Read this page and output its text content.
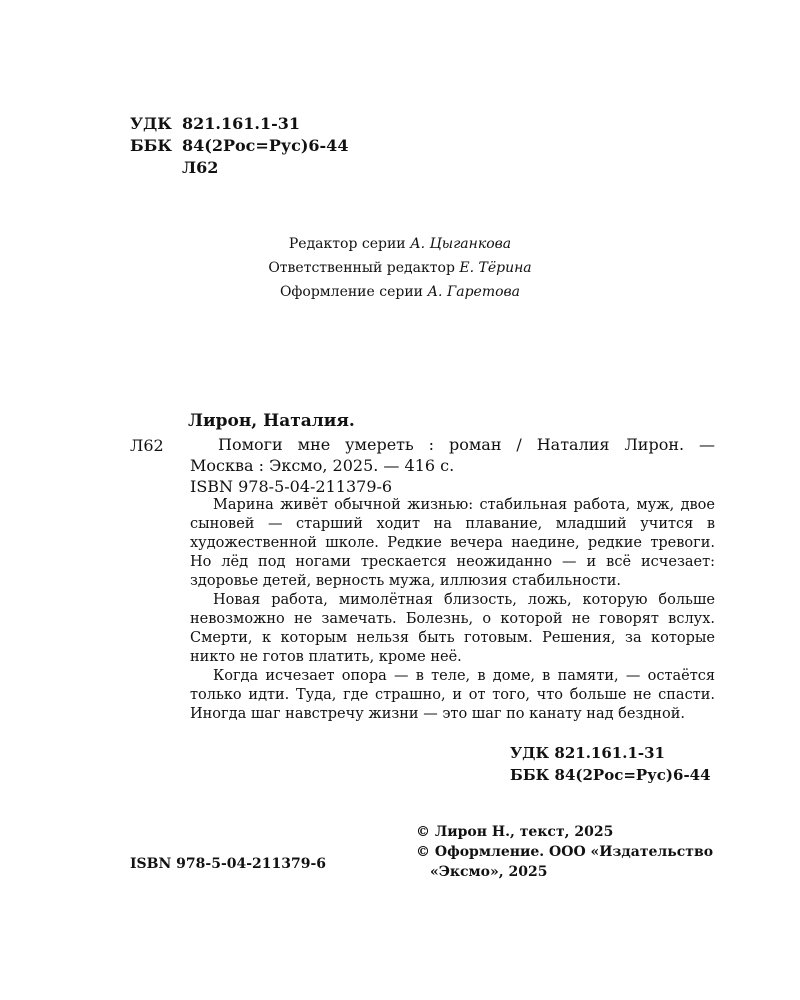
УДК 821.161.1-31
ББК 84(2Рос=Рус)6-44
Л62
Редактор серии А. Цыганкова
Ответственный редактор Е. Тёрина
Оформление серии А. Гаретова
Лирон, Наталия.
Л62	Помоги мне умереть : роман / Наталия Лирон. —

Москва : Эксмо, 2025. — 416 с.
ISBN 978-5-04-211379-6

Марина живёт обычной жизнью: стабильная работа, муж, двое сыновей — старший ходит на плавание, младший учится в художественной школе. Редкие вечера наедине, редкие тревоги. Но лёд под ногами трескается неожиданно — и всё исчезает: здоровье детей, верность мужа, иллюзия стабильности.

Новая работа, мимолётная близость, ложь, которую больше невозможно не замечать. Болезнь, о которой не говорят вслух. Смерти, к которым нельзя быть готовым. Решения, за которые никто не готов платить, кроме неё.

Когда исчезает опора — в теле, в доме, в памяти, — остаётся только идти. Туда, где страшно, и от того, что больше не спасти. Иногда шаг навстречу жизни — это шаг по канату над бездной.

УДК 821.161.1-31
ББК 84(2Рос=Рус)6-44
© Лирон Н., текст, 2025
© Оформление. ООО «Издательство
«Эксмо», 2025
ISBN 978-5-04-211379-6
